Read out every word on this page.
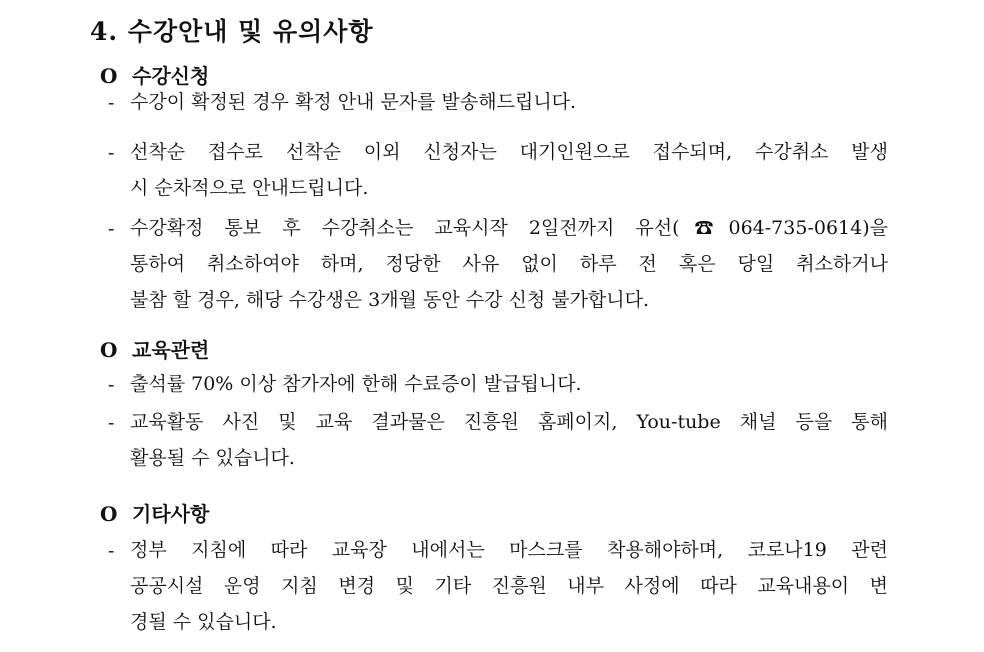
4. 수강안내 및 유의사항
O 수강신청
- 수강이 확정된 경우 확정 안내 문자를 발송해드립니다.
- 선착순 접수로 선착순 이외 신청자는 대기인원으로 접수되며, 수강취소 발생
시 순차적으로 안내드립니다.
- 수강확정 통보 후 수강취소는 교육시작 2일전까지 유선(☎064-735-0614)을
통하여 취소하여야 하며, 정당한 사유 없이 하루 전 혹은 당일 취소하거나
불참 할 경우, 해당 수강생은 3개월 동안 수강 신청 불가합니다.
O 교육관련
- 출석률 70% 이상 참가자에 한해 수료증이 발급됩니다.
- 교육활동 사진 및 교육 결과물은 진흥원 홈페이지, You-tube 채널 등을 통해
활용될 수 있습니다.
O 기타사항
- 정부 지침에 따라 교육장 내에서는 마스크를 착용해야하며, 코로나19 관련
공공시설 운영 지침 변경 및 기타 진흥원 내부 사정에 따라 교육내용이 변
경될 수 있습니다.
